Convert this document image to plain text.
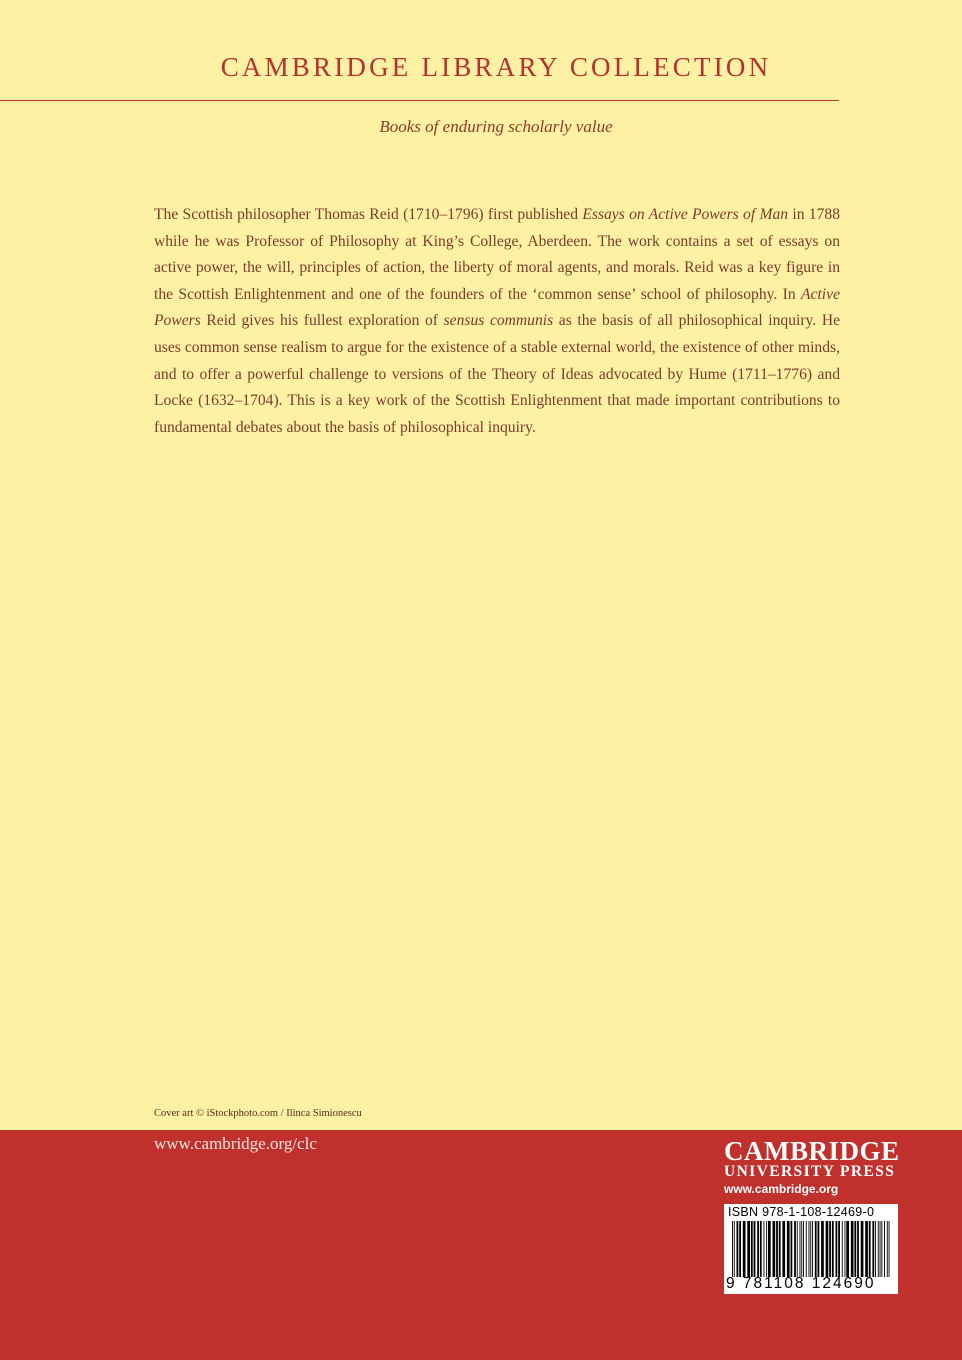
CAMBRIDGE LIBRARY COLLECTION
Books of enduring scholarly value

The Scottish philosopher Thomas Reid (1710–1796) first published Essays on Active Powers of Man in 1788 while he was Professor of Philosophy at King’s College, Aberdeen. The work contains a set of essays on active power, the will, principles of action, the liberty of moral agents, and morals. Reid was a key figure in the Scottish Enlightenment and one of the founders of the ‘common sense’ school of philosophy. In Active Powers Reid gives his fullest exploration of sensus communis as the basis of all philosophical inquiry. He uses common sense realism to argue for the existence of a stable external world, the existence of other minds, and to offer a powerful challenge to versions of the Theory of Ideas advocated by Hume (1711–1776) and Locke (1632–1704). This is a key work of the Scottish Enlightenment that made important contributions to fundamental debates about the basis of philosophical inquiry.

Cover art © iStockphoto.com / Ilinca Simionescu
www.cambridge.org/clc	CAMBRIDGE
UNIVERSITY PRESS
www.cambridge.org
ISBN 978-1-108-12469-0
9 781108 124690
